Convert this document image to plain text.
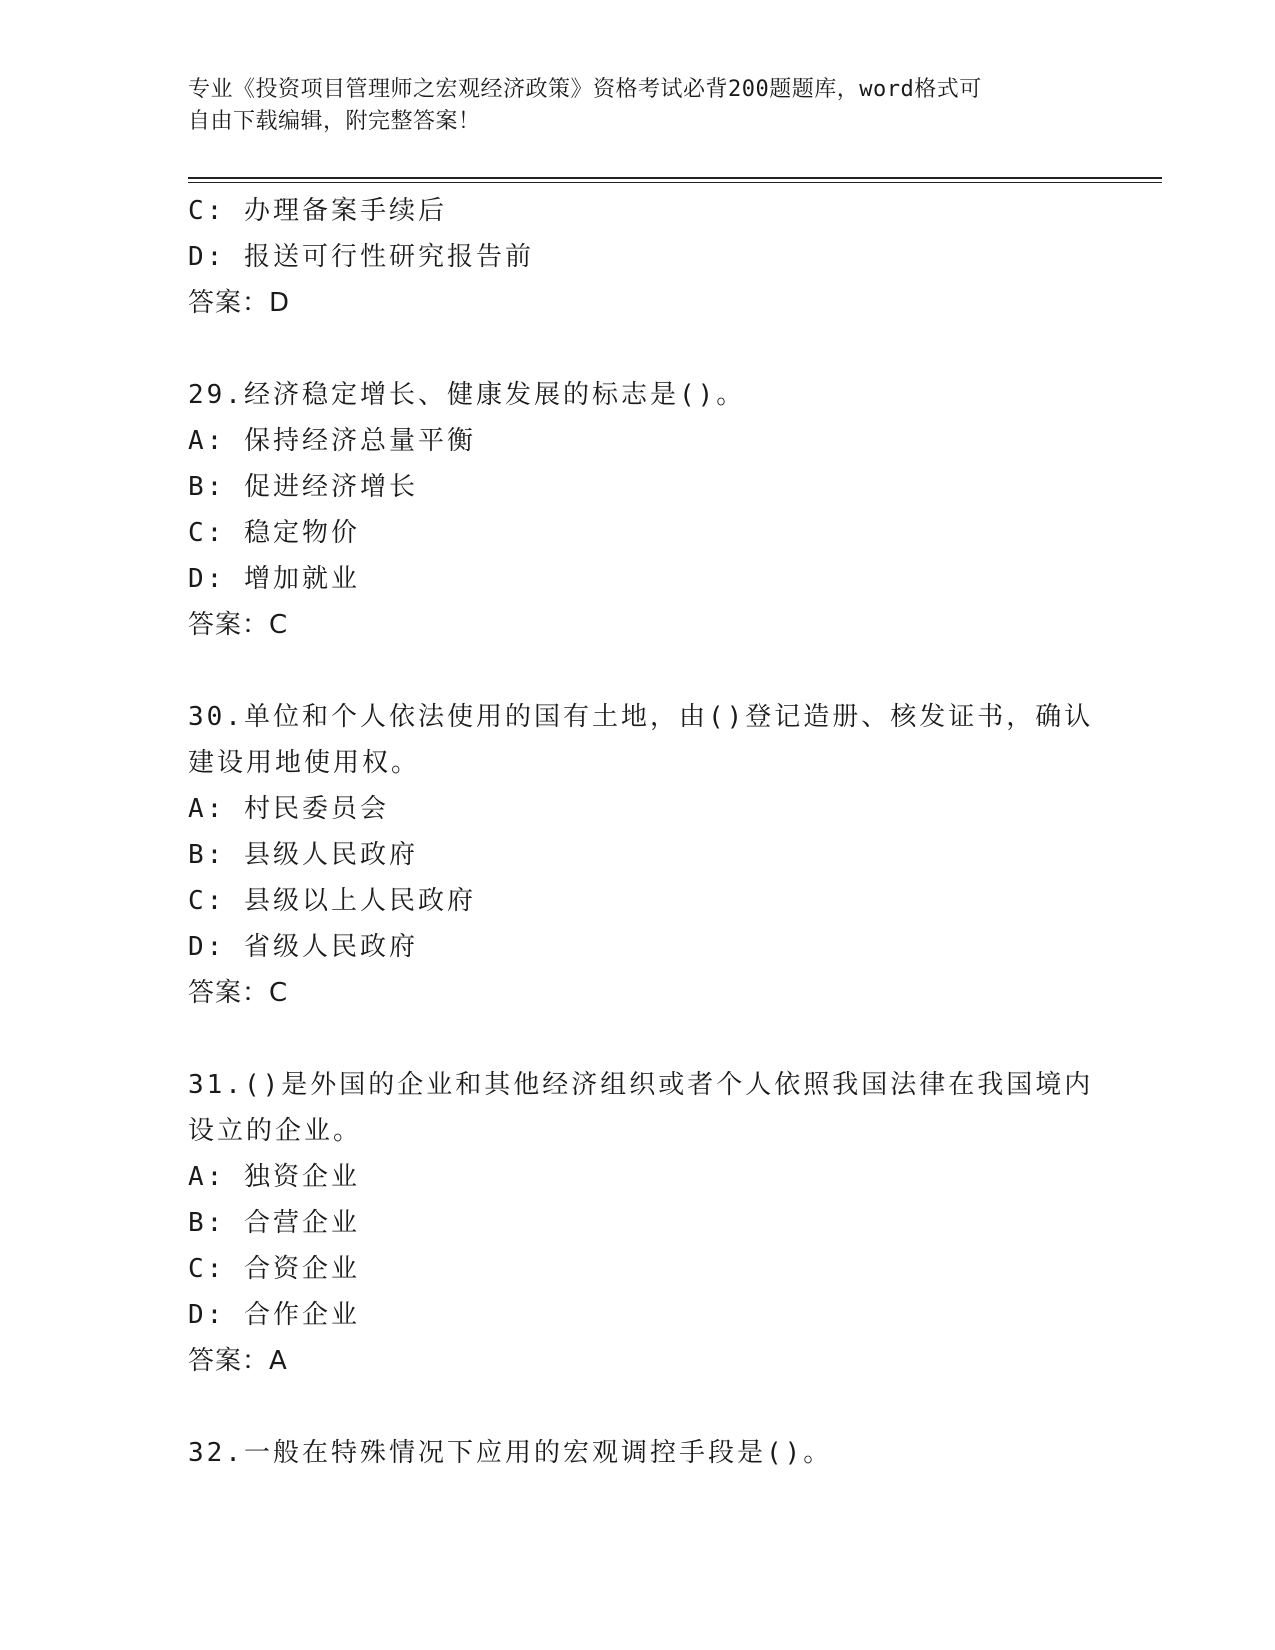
专业《投资项目管理师之宏观经济政策》资格考试必背200题题库，word格式可
自由下载编辑，附完整答案！
C: 办理备案手续后
D: 报送可行性研究报告前
答案：D
29.经济稳定增长、健康发展的标志是()。
A: 保持经济总量平衡
B: 促进经济增长
C: 稳定物价
D: 增加就业
答案：C
30.单位和个人依法使用的国有土地，由()登记造册、核发证书，确认
建设用地使用权。
A: 村民委员会
B: 县级人民政府
C: 县级以上人民政府
D: 省级人民政府
答案：C
31.()是外国的企业和其他经济组织或者个人依照我国法律在我国境内
设立的企业。
A: 独资企业
B: 合营企业
C: 合资企业
D: 合作企业
答案：A
32.一般在特殊情况下应用的宏观调控手段是()。
